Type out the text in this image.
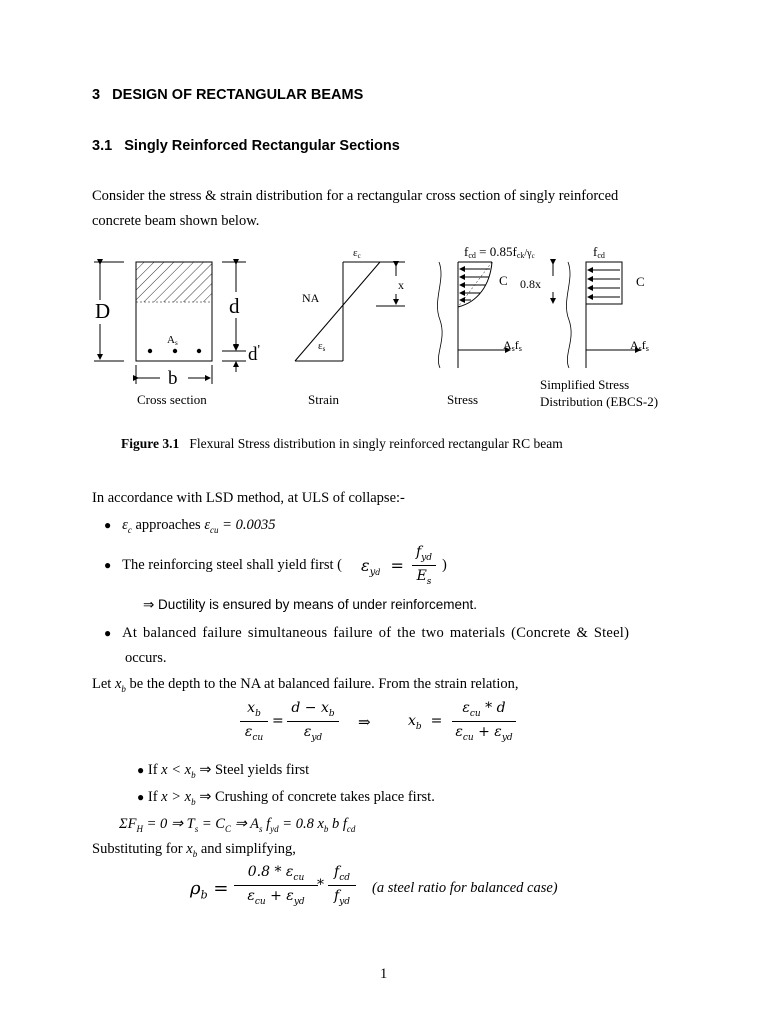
3 DESIGN OF RECTANGULAR BEAMS
3.1 Singly Reinforced Rectangular Sections
Consider the stress & strain distribution for a rectangular cross section of singly reinforced
concrete beam shown below.
D	d
d'
b
As
Cross section
x
NA
εc
εs
Strain
fcd = 0.85fck/γc
C
Asfs
Stress
fcd
0.8x	C
Asfs
Simplified Stress
Distribution (EBCS-2)
Figure 3.1 Flexural Stress distribution in singly reinforced rectangular RC beam
In accordance with LSD method, at ULS of collapse:-
● $\varepsilon_c$ approaches $\varepsilon_{cu} = 0.0035$
● The reinforcing steel shall yield first ( $\varepsilon_{yd}$  =
$f_{yd}$
$E_s$
)
⇒ Ductility is ensured by means of under reinforcement.
● At balanced failure simultaneous failure of the two materials (Concrete & Steel)
occurs.
Let $x_b$ be the depth to the NA at balanced failure. From the strain relation,
$x_b$
$\varepsilon_{cu}$
=
$d - x_b$
$\varepsilon_{yd}$
⇒	$x_b$  =
$\varepsilon_{cu}$ * d
$\varepsilon_{cu} + \varepsilon_{yd}$
● If $x < x_b$ ⇒ Steel yields first
● If $x > x_b$ ⇒ Crushing of concrete takes place first.
$\Sigma F_H = 0$ ⇒ $T_s = C_C$ ⇒ $A_s$ $f_{yd} = 0.8$ $x_b$ b $f_{cd}$
Substituting for $x_b$ and simplifying,
$\rho_b$ =
$0.8 * \varepsilon_{cu}$
$\varepsilon_{cu} + \varepsilon_{yd}$
*
$f_{cd}$
$f_{yd}$
(a steel ratio for balanced case)
1
